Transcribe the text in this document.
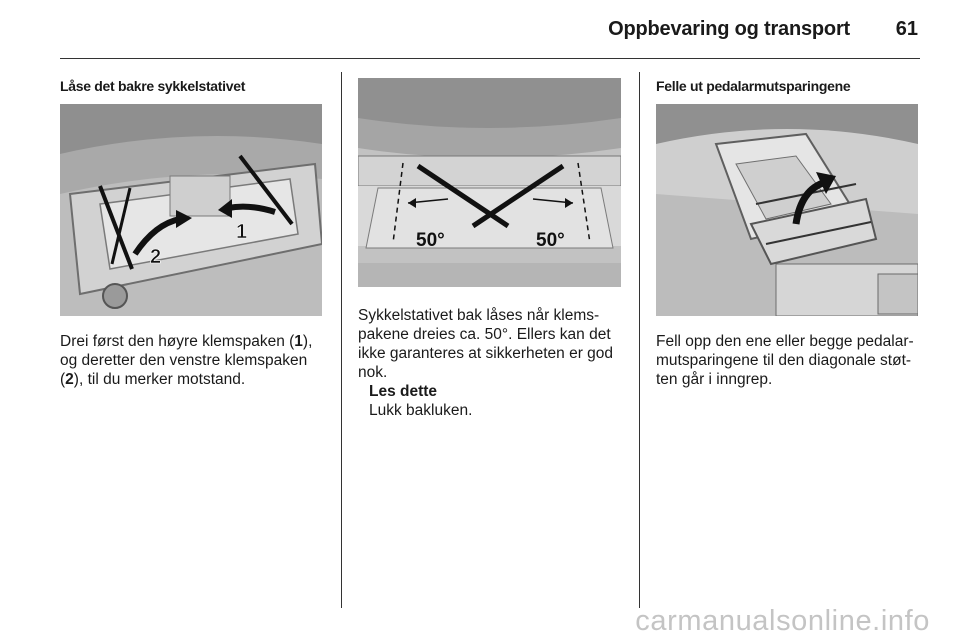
Oppbevaring og transport 61
Låse det bakre sykkelstativet
1
2
Drei først den høyre klemspaken (1), og deretter den venstre klemspaken (2), til du merker motstand.
50°	50°
Sykkelstativet bak låses når klems-pakene dreies ca. 50°. Ellers kan det ikke garanteres at sikkerheten er god nok.
Les dette
Lukk bakluken.
Felle ut pedalarmutsparingene
Fell opp den ene eller begge pedalar-mutsparingene til den diagonale støt-ten går i inngrep.
carmanualsonline.info
